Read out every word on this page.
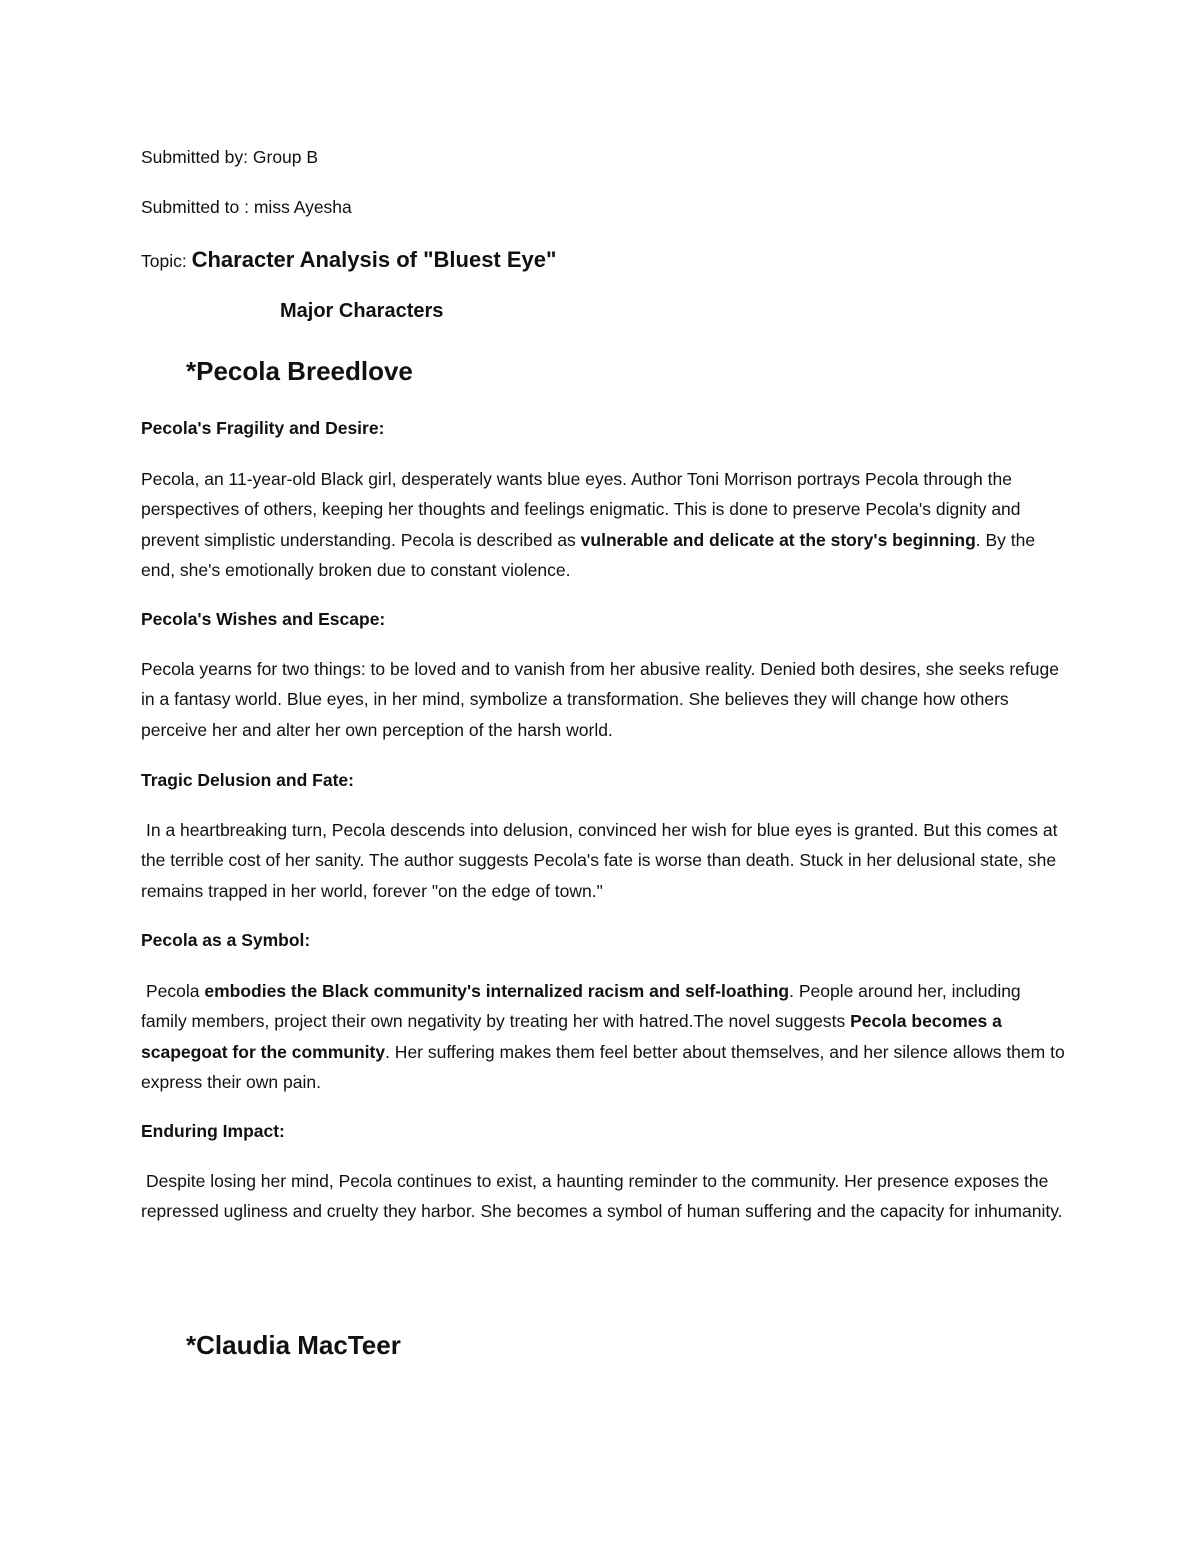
Submitted by: Group B
Submitted to : miss Ayesha
Topic: Character Analysis of "Bluest Eye"
Major Characters
*Pecola Breedlove
Pecola's Fragility and Desire:
Pecola, an 11-year-old Black girl, desperately wants blue eyes. Author Toni Morrison portrays Pecola through the perspectives of others, keeping her thoughts and feelings enigmatic. This is done to preserve Pecola's dignity and prevent simplistic understanding. Pecola is described as vulnerable and delicate at the story's beginning. By the end, she's emotionally broken due to constant violence.
Pecola's Wishes and Escape:
Pecola yearns for two things: to be loved and to vanish from her abusive reality. Denied both desires, she seeks refuge in a fantasy world. Blue eyes, in her mind, symbolize a transformation. She believes they will change how others perceive her and alter her own perception of the harsh world.
Tragic Delusion and Fate:
In a heartbreaking turn, Pecola descends into delusion, convinced her wish for blue eyes is granted. But this comes at the terrible cost of her sanity. The author suggests Pecola's fate is worse than death. Stuck in her delusional state, she remains trapped in her world, forever "on the edge of town."
Pecola as a Symbol:
Pecola embodies the Black community's internalized racism and self-loathing. People around her, including family members, project their own negativity by treating her with hatred.The novel suggests Pecola becomes a scapegoat for the community. Her suffering makes them feel better about themselves, and her silence allows them to express their own pain.
Enduring Impact:
Despite losing her mind, Pecola continues to exist, a haunting reminder to the community. Her presence exposes the repressed ugliness and cruelty they harbor. She becomes a symbol of human suffering and the capacity for inhumanity.
*Claudia MacTeer
